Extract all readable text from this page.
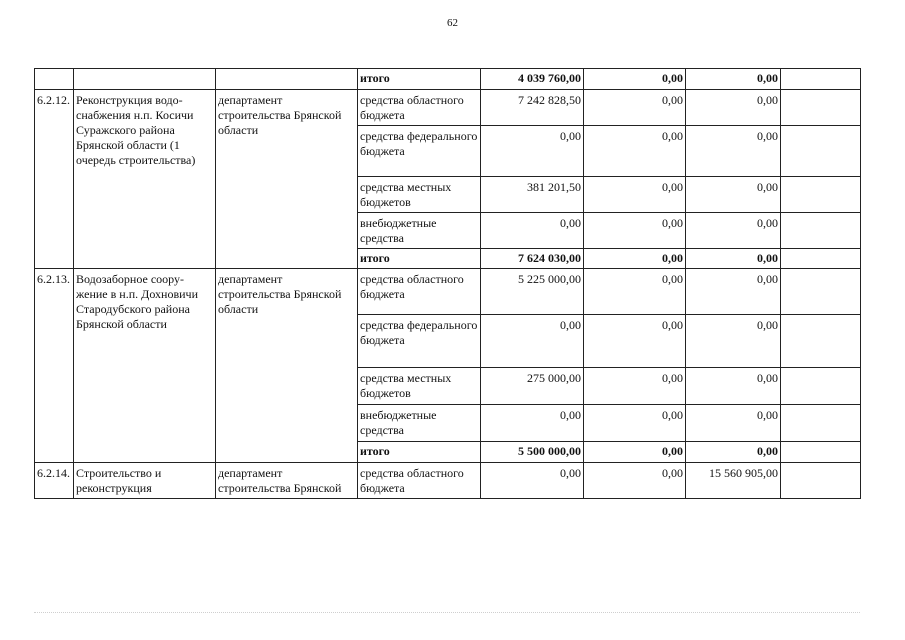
62
			итого	4 039 760,00	0,00	0,00	
6.2.12.	Реконструкция водо-снабжения н.п. Косичи Суражского района Брянской области (1 очередь строительства)	департамент строительства Брянской области	средства областного бюджета	7 242 828,50	0,00	0,00	
			средства федерального бюджета	0,00	0,00	0,00	
			средства местных бюджетов	381 201,50	0,00	0,00	
			внебюджетные средства	0,00	0,00	0,00	
			итого	7 624 030,00	0,00	0,00	
6.2.13.	Водозаборное соору-жение в н.п. Дохновичи Стародубского района Брянской области	департамент строительства Брянской области	средства областного бюджета	5 225 000,00	0,00	0,00	
			средства федерального бюджета	0,00	0,00	0,00	
			средства местных бюджетов	275 000,00	0,00	0,00	
			внебюджетные средства	0,00	0,00	0,00	
			итого	5 500 000,00	0,00	0,00	
6.2.14.	Строительство и реконструкция	департамент строительства Брянской	средства областного бюджета	0,00	0,00	15 560 905,00	
